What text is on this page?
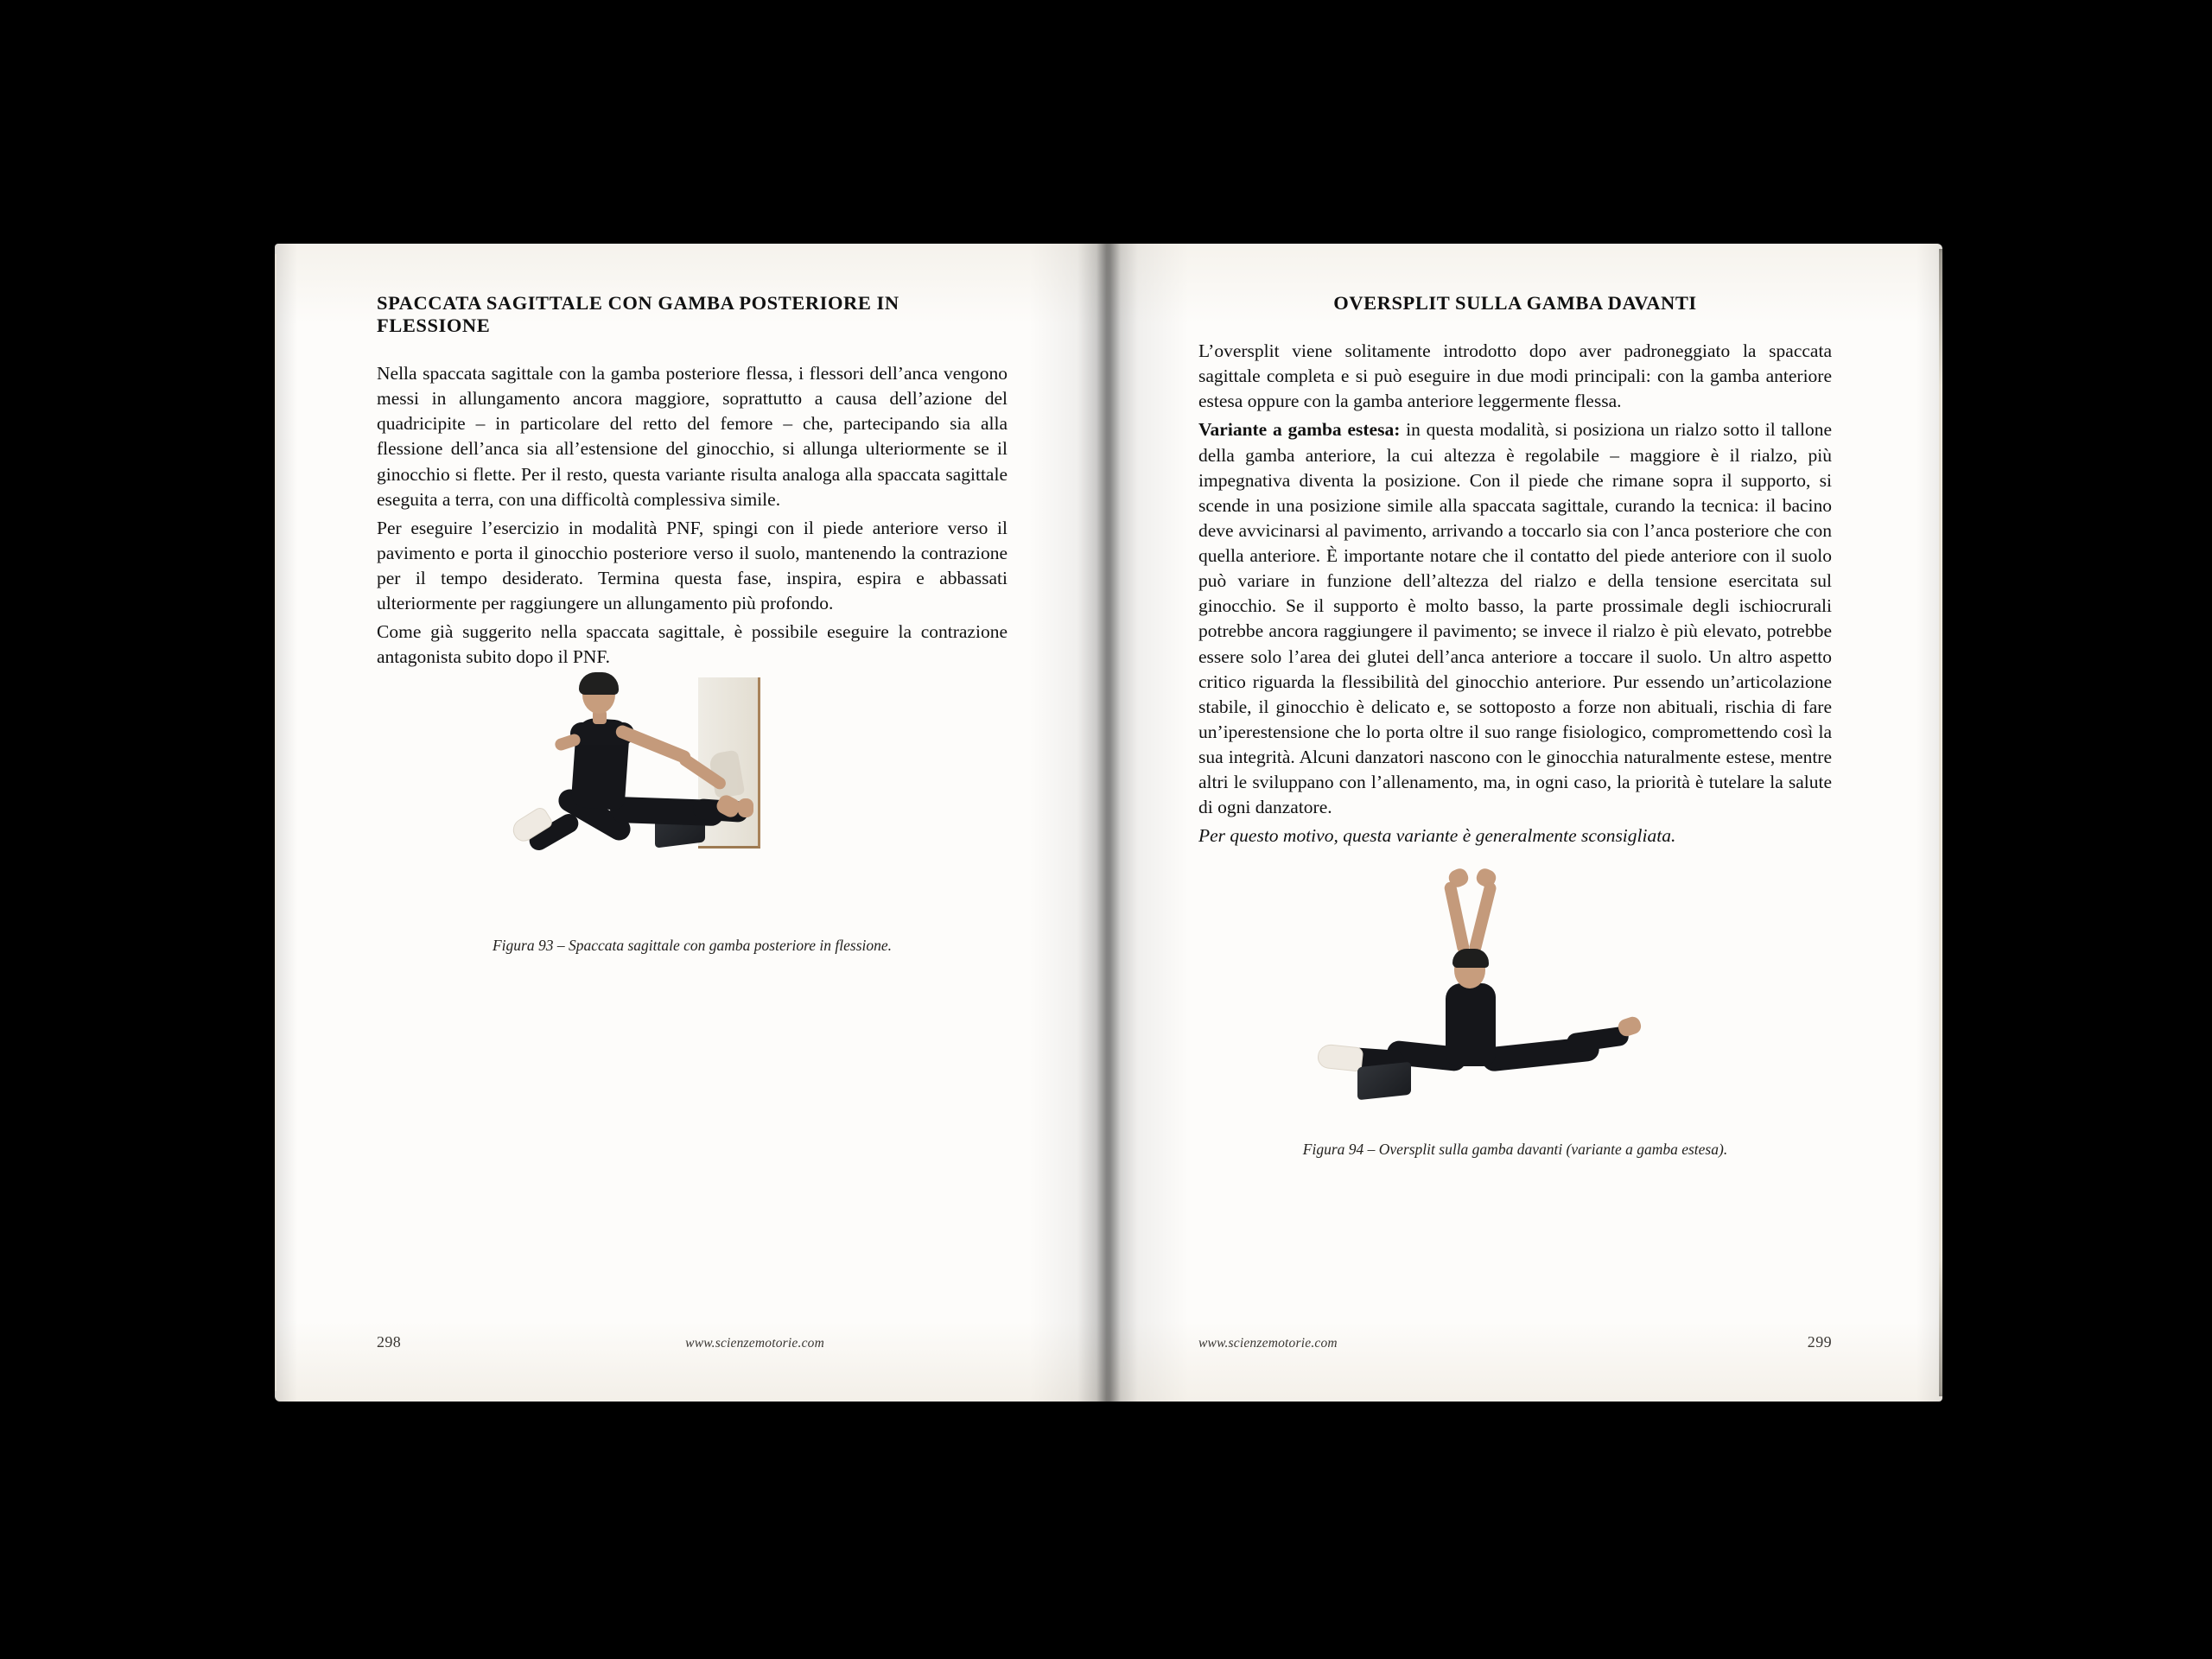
SPACCATA SAGITTALE CON GAMBA POSTERIORE IN FLESSIONE

Nella spaccata sagittale con la gamba posteriore flessa, i flessori dell’anca vengono messi in allungamento ancora maggiore, soprattutto a causa dell’azione del quadricipite – in particolare del retto del femore – che, partecipando sia alla flessione dell’anca sia all’estensione del ginocchio, si allunga ulteriormente se il ginocchio si flette. Per il resto, questa variante risulta analoga alla spaccata sagittale eseguita a terra, con una difficoltà complessiva simile.

Per eseguire l’esercizio in modalità PNF, spingi con il piede anteriore verso il pavimento e porta il ginocchio posteriore verso il suolo, mantenendo la contrazione per il tempo desiderato. Termina questa fase, inspira, espira e abbassati ulteriormente per raggiungere un allungamento più profondo.

Come già suggerito nella spaccata sagittale, è possibile eseguire la contrazione antagonista subito dopo il PNF.

Figura 93 – Spaccata sagittale con gamba posteriore in flessione.
298	www.scienzemotorie.com
OVERSPLIT SULLA GAMBA DAVANTI

L’oversplit viene solitamente introdotto dopo aver padroneggiato la spaccata sagittale completa e si può eseguire in due modi principali: con la gamba anteriore estesa oppure con la gamba anteriore leggermente flessa.

Variante a gamba estesa: in questa modalità, si posiziona un rialzo sotto il tallone della gamba anteriore, la cui altezza è regolabile – maggiore è il rialzo, più impegnativa diventa la posizione. Con il piede che rimane sopra il supporto, si scende in una posizione simile alla spaccata sagittale, curando la tecnica: il bacino deve avvicinarsi al pavimento, arrivando a toccarlo sia con l’anca posteriore che con quella anteriore. È importante notare che il contatto del piede anteriore con il suolo può variare in funzione dell’altezza del rialzo e della tensione esercitata sul ginocchio. Se il supporto è molto basso, la parte prossimale degli ischiocrurali potrebbe ancora raggiungere il pavimento; se invece il rialzo è più elevato, potrebbe essere solo l’area dei glutei dell’anca anteriore a toccare il suolo. Un altro aspetto critico riguarda la flessibilità del ginocchio anteriore. Pur essendo un’articolazione stabile, il ginocchio è delicato e, se sottoposto a forze non abituali, rischia di fare un’iperestensione che lo porta oltre il suo range fisiologico, compromettendo così la sua integrità. Alcuni danzatori nascono con le ginocchia naturalmente estese, mentre altri le sviluppano con l’allenamento, ma, in ogni caso, la priorità è tutelare la salute di ogni danzatore.

Per questo motivo, questa variante è generalmente sconsigliata.

Figura 94 – Oversplit sulla gamba davanti (variante a gamba estesa).
www.scienzemotorie.com	299
